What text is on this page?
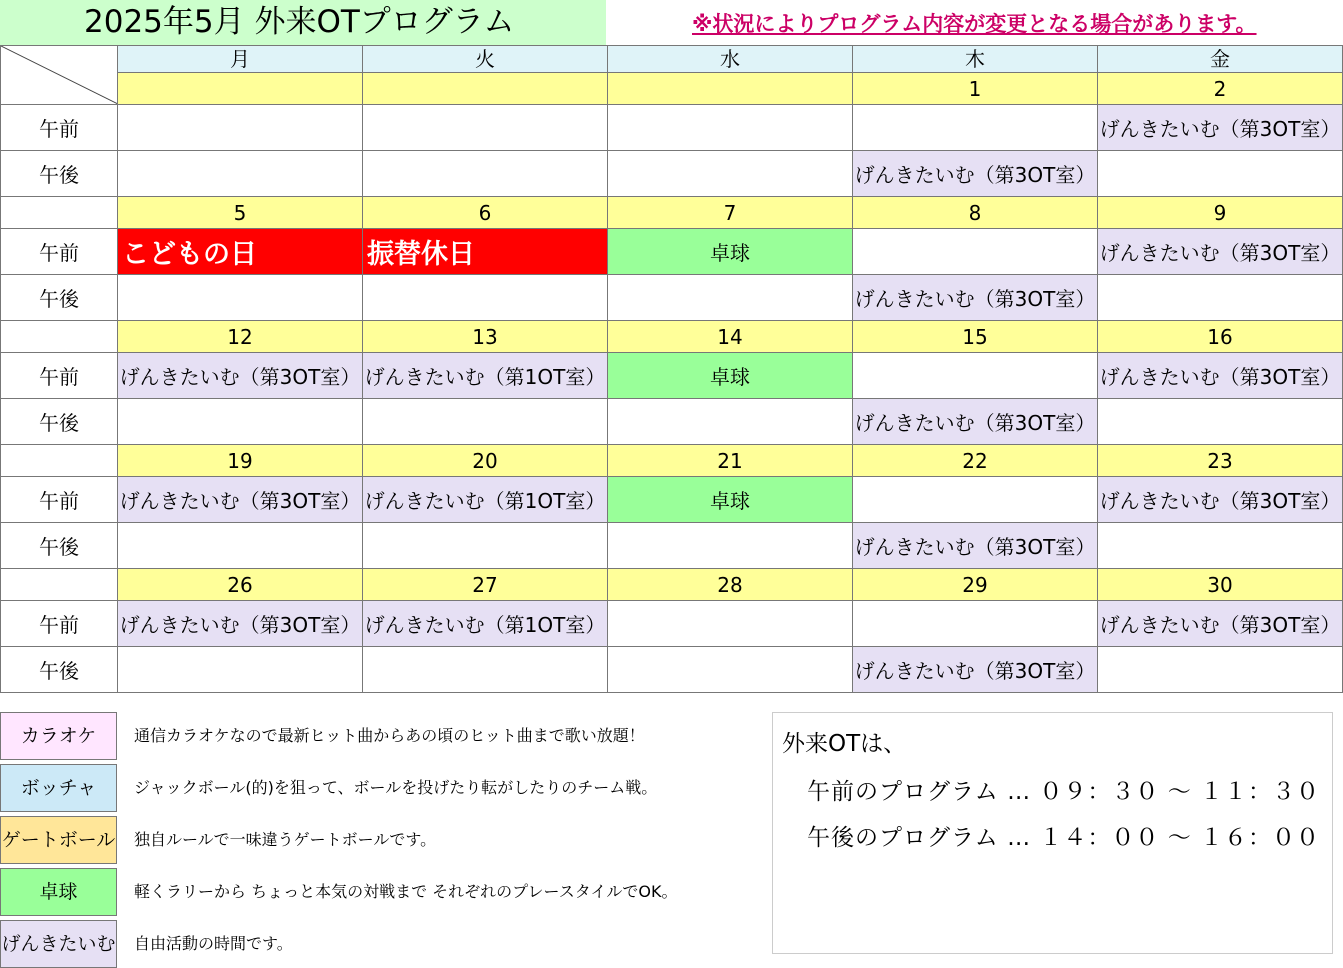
2025年5月 外来OTプログラム	※状況によりプログラム内容が変更となる場合があります。
	月	火	水	木	金
				1	2
午前					げんきたいむ（第3OT室）
午後				げんきたいむ（第3OT室）	
	5	6	7	8	9
午前	こどもの日	振替休日	卓球		げんきたいむ（第3OT室）
午後				げんきたいむ（第3OT室）	
	12	13	14	15	16
午前	げんきたいむ（第3OT室）	げんきたいむ（第1OT室）	卓球		げんきたいむ（第3OT室）
午後				げんきたいむ（第3OT室）	
	19	20	21	22	23
午前	げんきたいむ（第3OT室）	げんきたいむ（第1OT室）	卓球		げんきたいむ（第3OT室）
午後				げんきたいむ（第3OT室）	
	26	27	28	29	30
午前	げんきたいむ（第3OT室）	げんきたいむ（第1OT室）			げんきたいむ（第3OT室）
午後				げんきたいむ（第3OT室）	
カラオケ	通信カラオケなので最新ヒット曲からあの頃のヒット曲まで歌い放題！
ボッチャ	ジャックボール(的)を狙って、ボールを投げたり転がしたりのチーム戦。
ゲートボール 独自ルールで一味違うゲートボールです。
卓球	軽くラリーから ちょっと本気の対戦まで それぞれのプレースタイルでOK。
げんきたいむ 自由活動の時間です。
外来OTは、
午前のプログラム … ０９：３０ ～ １１：３０
午後のプログラム … １４：００ ～ １６：００
